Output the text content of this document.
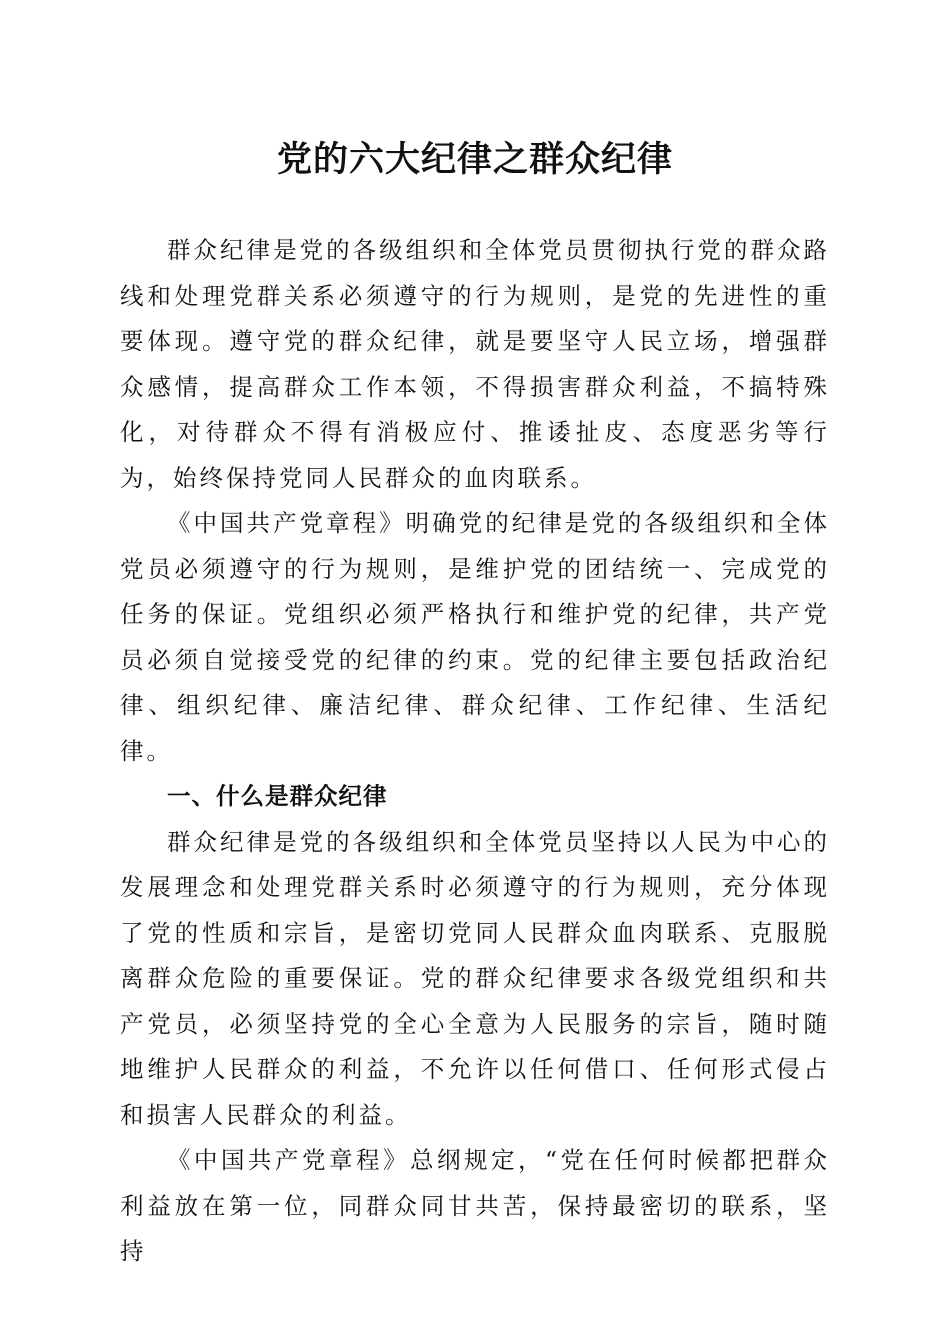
党的六大纪律之群众纪律

群众纪律是党的各级组织和全体党员贯彻执行党的群众路线和处理党群关系必须遵守的行为规则，是党的先进性的重要体现。遵守党的群众纪律，就是要坚守人民立场，增强群众感情，提高群众工作本领，不得损害群众利益，不搞特殊化，对待群众不得有消极应付、推诿扯皮、态度恶劣等行为，始终保持党同人民群众的血肉联系。

《中国共产党章程》明确党的纪律是党的各级组织和全体党员必须遵守的行为规则，是维护党的团结统一、完成党的任务的保证。党组织必须严格执行和维护党的纪律，共产党员必须自觉接受党的纪律的约束。党的纪律主要包括政治纪律、组织纪律、廉洁纪律、群众纪律、工作纪律、生活纪律。

一、什么是群众纪律

群众纪律是党的各级组织和全体党员坚持以人民为中心的发展理念和处理党群关系时必须遵守的行为规则，充分体现了党的性质和宗旨，是密切党同人民群众血肉联系、克服脱离群众危险的重要保证。党的群众纪律要求各级党组织和共产党员，必须坚持党的全心全意为人民服务的宗旨，随时随地维护人民群众的利益，不允许以任何借口、任何形式侵占和损害人民群众的利益。

《中国共产党章程》总纲规定，“党在任何时候都把群众利益放在第一位，同群众同甘共苦，保持最密切的联系，坚持
